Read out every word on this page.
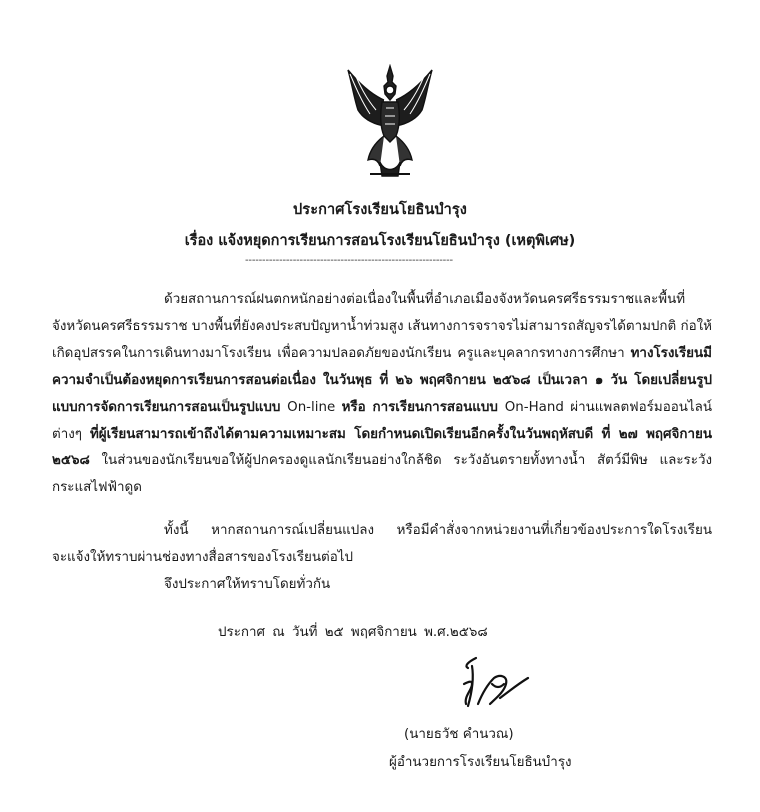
ประกาศโรงเรียนโยธินบำรุง
เรื่อง แจ้งหยุดการเรียนการสอนโรงเรียนโยธินบำรุง (เหตุพิเศษ)
-------------------------------------------------------------

ด้วยสถานการณ์ฝนตกหนักอย่างต่อเนื่องในพื้นที่อำเภอเมืองจังหวัดนครศรีธรรมราชและพื้นที่จังหวัดนครศรีธรรมราช บางพื้นที่ยังคงประสบปัญหาน้ำท่วมสูง เส้นทางการจราจรไม่สามารถสัญจรได้ตามปกติ ก่อให้เกิดอุปสรรคในการเดินทางมาโรงเรียน เพื่อความปลอดภัยของนักเรียน ครูและบุคลากรทางการศึกษา ทางโรงเรียนมีความจำเป็นต้องหยุดการเรียนการสอนต่อเนื่อง ในวันพุธ ที่ ๒๖ พฤศจิกายน ๒๕๖๘ เป็นเวลา ๑ วัน โดยเปลี่ยนรูปแบบการจัดการเรียนการสอนเป็นรูปแบบ On-line หรือ การเรียนการสอนแบบ On-Hand ผ่านแพลตฟอร์มออนไลน์ต่างๆ ที่ผู้เรียนสามารถเข้าถึงได้ตามความเหมาะสม โดยกำหนดเปิดเรียนอีกครั้งในวันพฤหัสบดี ที่ ๒๗ พฤศจิกายน ๒๕๖๘ ในส่วนของนักเรียนขอให้ผู้ปกครองดูแลนักเรียนอย่างใกล้ชิด ระวังอันตรายทั้งทางน้ำ สัตว์มีพิษ และระวังกระแสไฟฟ้าดูด

ทั้งนี้ หากสถานการณ์เปลี่ยนแปลง หรือมีคำสั่งจากหน่วยงานที่เกี่ยวข้องประการใดโรงเรียนจะแจ้งให้ทราบผ่านช่องทางสื่อสารของโรงเรียนต่อไป

จึงประกาศให้ทราบโดยทั่วกัน
ประกาศ ณ วันที่ ๒๕ พฤศจิกายน พ.ศ.๒๕๖๘
(นายธวัช คำนวณ)
ผู้อำนวยการโรงเรียนโยธินบำรุง
